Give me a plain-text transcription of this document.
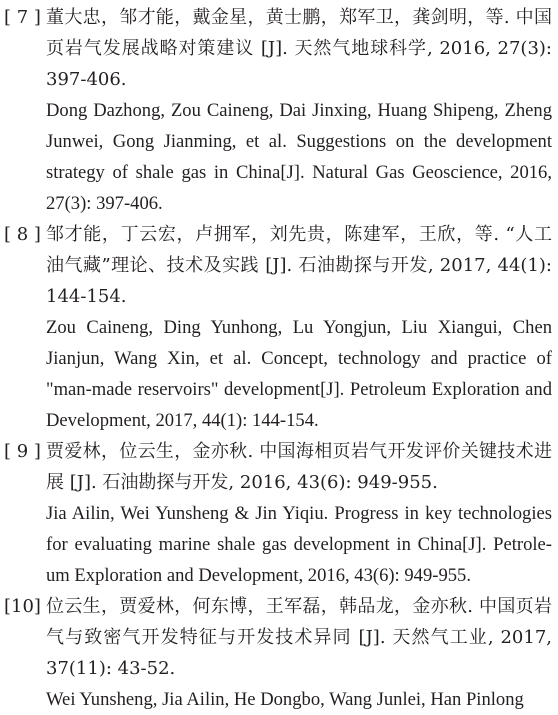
[ 7 ] 董大忠，邹才能，戴金星，黄士鹏，郑军卫，龚剑明，等. 中国页岩气发展战略对策建议 [J]. 天然气地球科学, 2016, 27(3): 397-406.
Dong Dazhong, Zou Caineng, Dai Jinxing, Huang Shipeng, Zheng Junwei, Gong Jianming, et al. Suggestions on the development strategy of shale gas in China[J]. Natural Gas Geoscience, 2016, 27(3): 397-406.
[ 8 ] 邹才能，丁云宏，卢拥军，刘先贵，陈建军，王欣，等. “人工油气藏”理论、技术及实践 [J]. 石油勘探与开发, 2017, 44(1): 144-154.
Zou Caineng, Ding Yunhong, Lu Yongjun, Liu Xiangui, Chen Jianjun, Wang Xin, et al. Concept, technology and practice of "man-made reservoirs" development[J]. Petroleum Exploration and Development, 2017, 44(1): 144-154.
[ 9 ] 贾爱林，位云生，金亦秋. 中国海相页岩气开发评价关键技术进展 [J]. 石油勘探与开发, 2016, 43(6): 949-955.
Jia Ailin, Wei Yunsheng & Jin Yiqiu. Progress in key technologies for evaluating marine shale gas development in China[J]. Petroleum Exploration and Development, 2016, 43(6): 949-955.
[10] 位云生，贾爱林，何东博，王军磊，韩品龙，金亦秋. 中国页岩气与致密气开发特征与开发技术异同 [J]. 天然气工业, 2017, 37(11): 43-52.
Wei Yunsheng, Jia Ailin, He Dongbo, Wang Junlei, Han Pinlong
